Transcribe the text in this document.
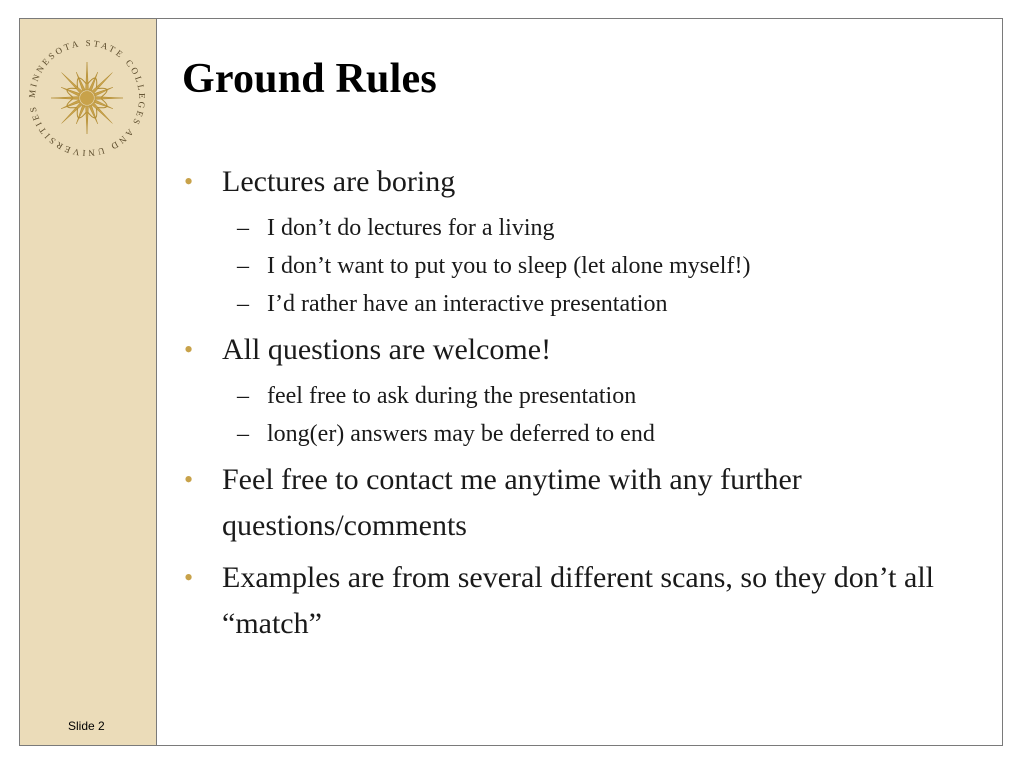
MINNESOTA STATE COLLEGES AND UNIVERSITIES
Slide 2
Ground Rules
• Lectures are boring
– I don’t do lectures for a living
– I don’t want to put you to sleep (let alone myself!)
– I’d rather have an interactive presentation
• All questions are welcome!
– feel free to ask during the presentation
– long(er) answers may be deferred to end
• Feel free to contact me anytime with any further questions/comments
• Examples are from several different scans, so they don’t all “match”
